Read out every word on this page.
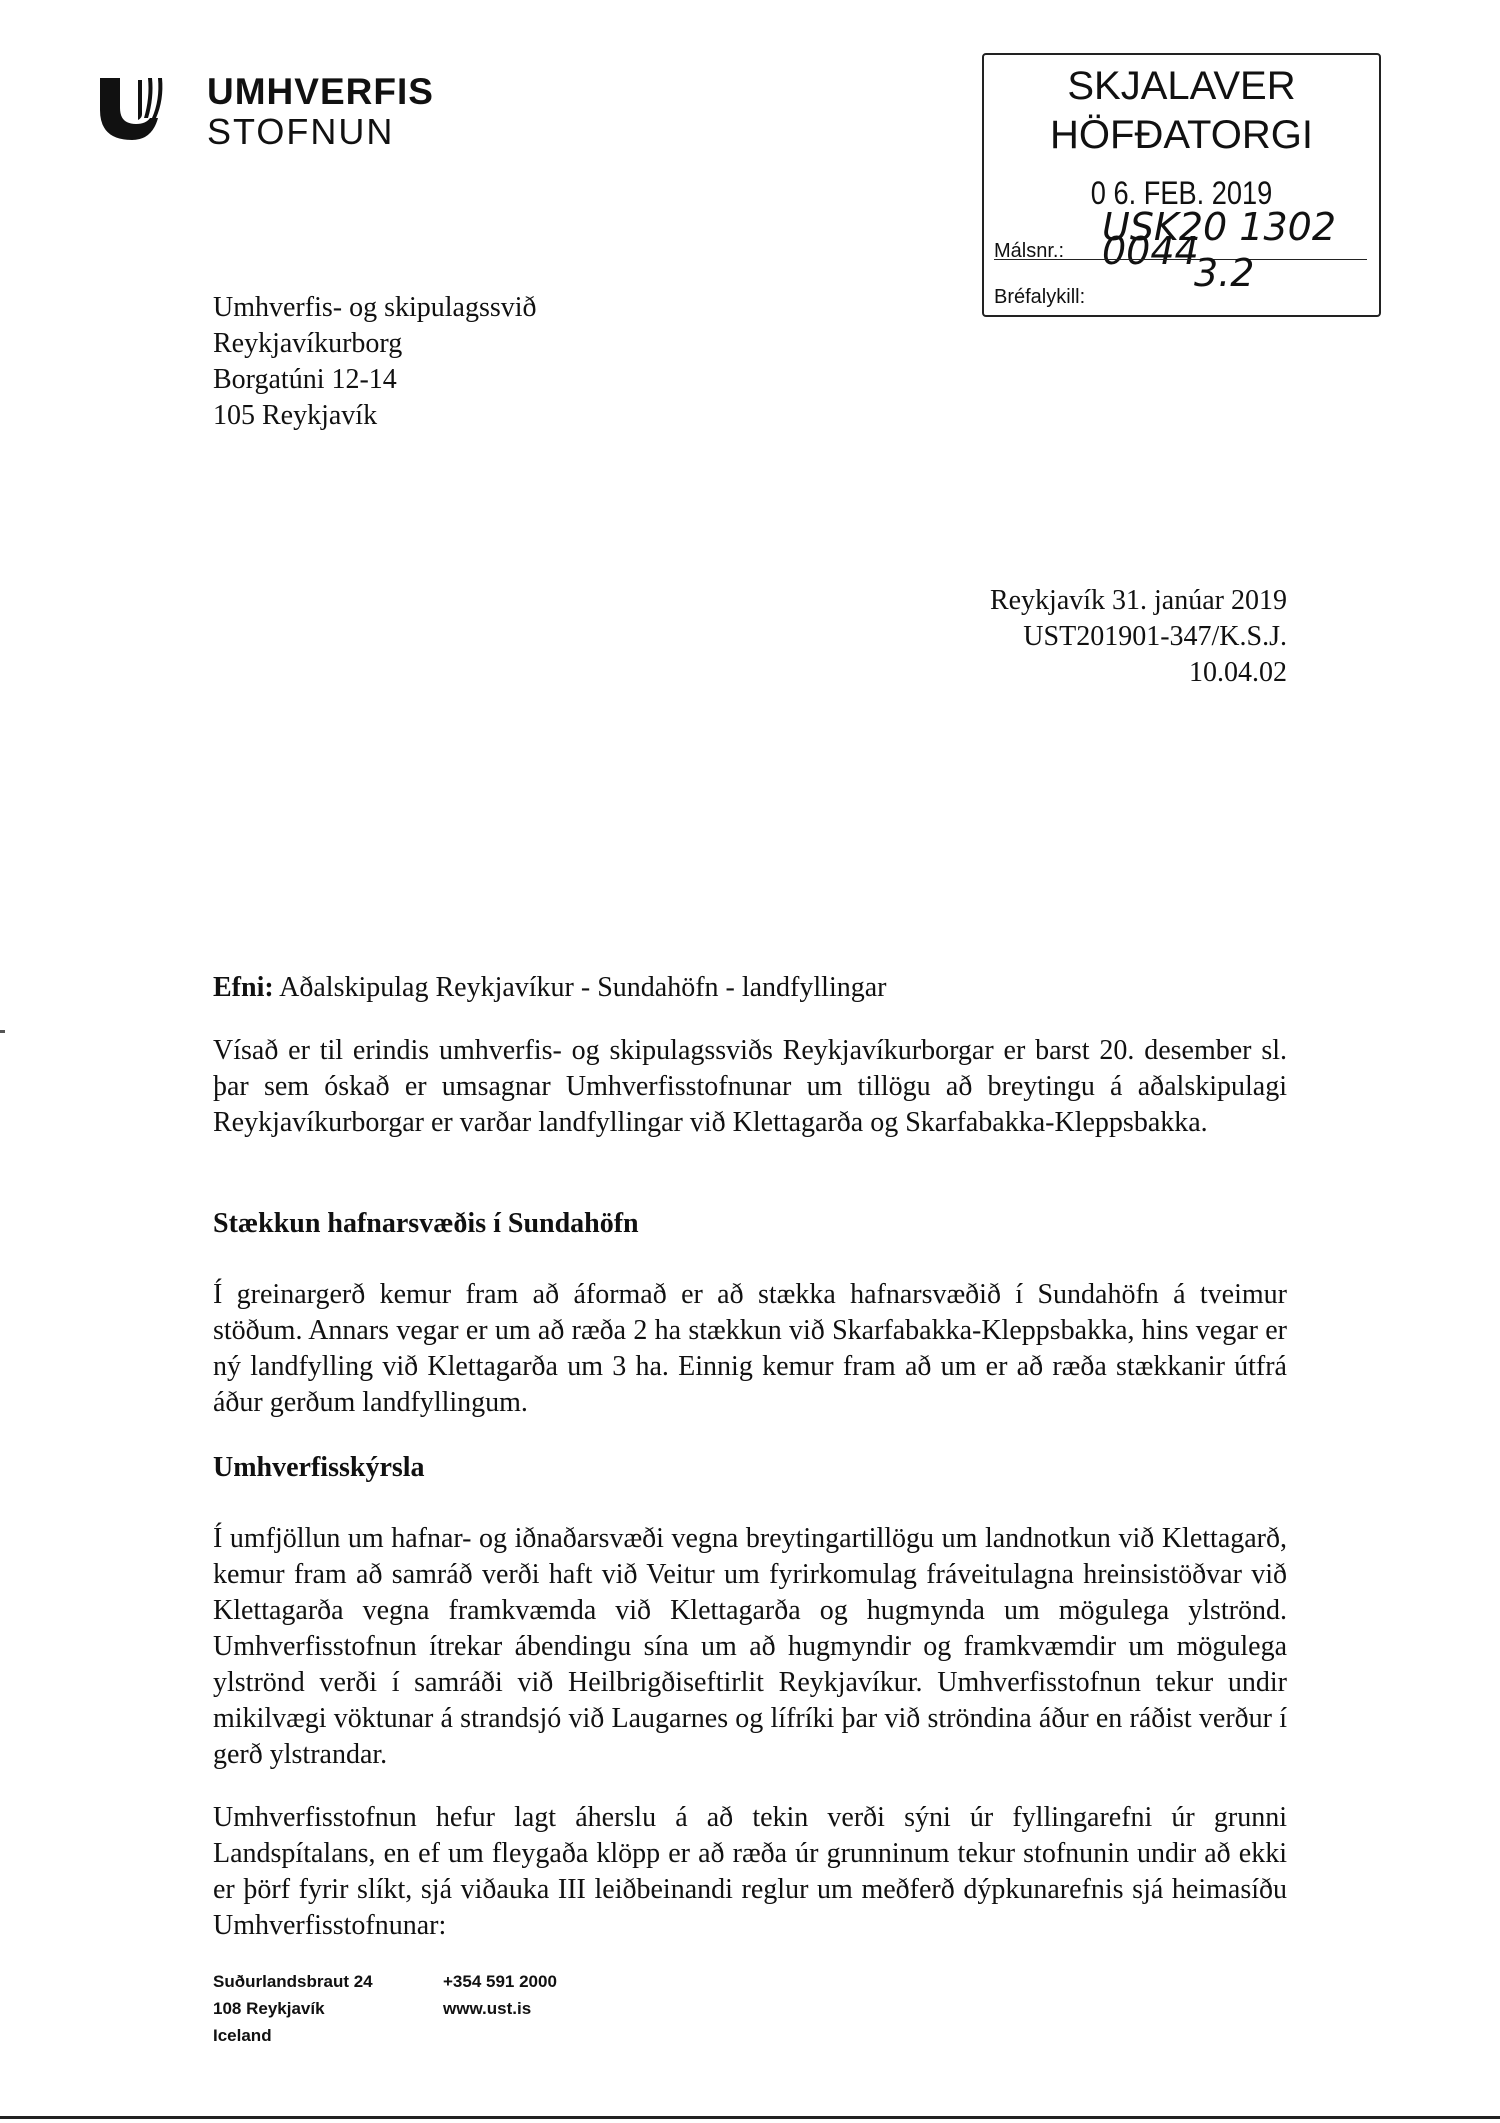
UMHVERFIS
STOFNUN
SKJALAVER
HÖFÐATORGI
0 6. FEB. 2019
Málsnr.:
USK20 1302 0044
Bréfalykill:
3.2
Umhverfis- og skipulagssvið
Reykjavíkurborg
Borgatúni 12-14
105 Reykjavík
Reykjavík 31. janúar 2019
UST201901-347/K.S.J.
10.04.02
Efni: Aðalskipulag Reykjavíkur - Sundahöfn - landfyllingar
Vísað er til erindis umhverfis- og skipulagssviðs Reykjavíkurborgar er barst 20. desember sl. þar sem óskað er umsagnar Umhverfisstofnunar um tillögu að breytingu á aðalskipulagi Reykjavíkurborgar er varðar landfyllingar við Klettagarða og Skarfabakka-Kleppsbakka.
Stækkun hafnarsvæðis í Sundahöfn
Í greinargerð kemur fram að áformað er að stækka hafnarsvæðið í Sundahöfn á tveimur stöðum. Annars vegar er um að ræða 2 ha stækkun við Skarfabakka-Kleppsbakka, hins vegar er ný landfylling við Klettagarða um 3 ha. Einnig kemur fram að um er að ræða stækkanir útfrá áður gerðum landfyllingum.
Umhverfisskýrsla
Í umfjöllun um hafnar- og iðnaðarsvæði vegna breytingartillögu um landnotkun við Klettagarð, kemur fram að samráð verði haft við Veitur um fyrirkomulag fráveitulagna hreinsistöðvar við Klettagarða vegna framkvæmda við Klettagarða og hugmynda um mögulega ylströnd. Umhverfisstofnun ítrekar ábendingu sína um að hugmyndir og framkvæmdir um mögulega ylströnd verði í samráði við Heilbrigðiseftirlit Reykjavíkur. Umhverfisstofnun tekur undir mikilvægi vöktunar á strandsjó við Laugarnes og lífríki þar við ströndina áður en ráðist verður í gerð ylstrandar.
Umhverfisstofnun hefur lagt áherslu á að tekin verði sýni úr fyllingarefni úr grunni Landspítalans, en ef um fleygaða klöpp er að ræða úr grunninum tekur stofnunin undir að ekki er þörf fyrir slíkt, sjá viðauka III leiðbeinandi reglur um meðferð dýpkunarefnis sjá heimasíðu Umhverfisstofnunar:
Suðurlandsbraut 24
108 Reykjavík
Iceland
+354 591 2000
www.ust.is
